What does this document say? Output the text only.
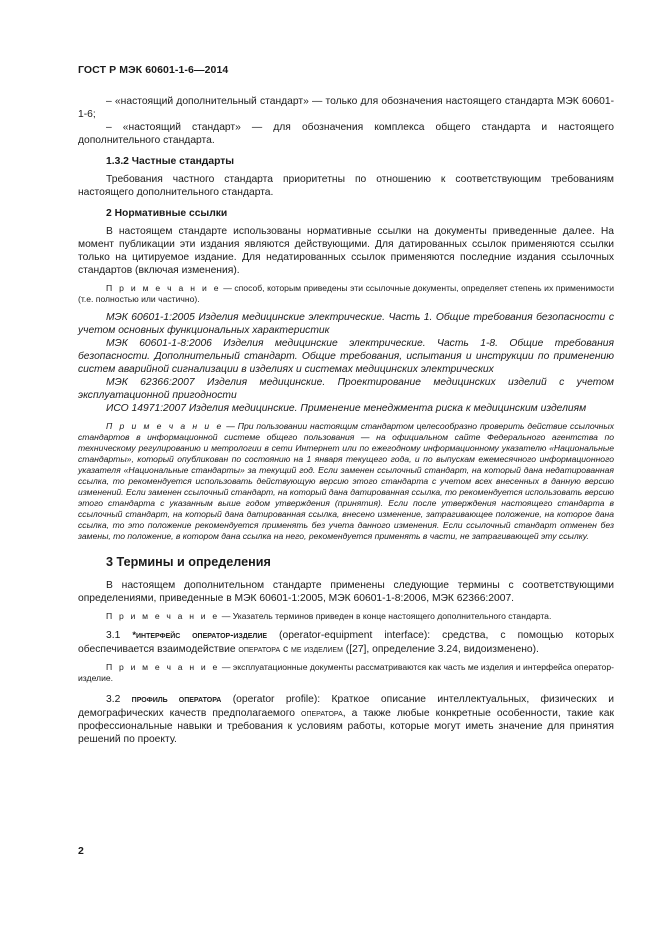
ГОСТ Р МЭК 60601-1-6—2014

– «настоящий дополнительный стандарт» — только для обозначения настоящего стандарта МЭК 60601-1-6;

– «настоящий стандарт» — для обозначения комплекса общего стандарта и настоящего дополнительного стандарта.

1.3.2 Частные стандарты

Требования частного стандарта приоритетны по отношению к соответствующим требованиям настоящего дополнительного стандарта.

2 Нормативные ссылки

В настоящем стандарте использованы нормативные ссылки на документы приведенные далее. На момент публикации эти издания являются действующими. Для датированных ссылок применяются ссылки только на цитируемое издание. Для недатированных ссылок применяются последние издания ссылочных стандартов (включая изменения).

П р и м е ч а н и е — способ, которым приведены эти ссылочные документы, определяет степень их применимости (т.е. полностью или частично).

МЭК 60601-1:2005 Изделия медицинские электрические. Часть 1. Общие требования безопасности с учетом основных функциональных характеристик

МЭК 60601-1-8:2006 Изделия медицинские электрические. Часть 1-8. Общие требования безопасности. Дополнительный стандарт. Общие требования, испытания и инструкции по применению систем аварийной сигнализации в изделиях и системах медицинских электрических

МЭК 62366:2007 Изделия медицинские. Проектирование медицинских изделий с учетом эксплуатационной пригодности

ИСО 14971:2007 Изделия медицинские. Применение менеджмента риска к медицинским изделиям

П р и м е ч а н и е — При пользовании настоящим стандартом целесообразно проверить действие ссылочных стандартов в информационной системе общего пользования — на официальном сайте Федерального агентства по техническому регулированию и метрологии в сети Интернет или по ежегодному информационному указателю «Национальные стандарты», который опубликован по состоянию на 1 января текущего года, и по выпускам ежемесячного информационного указателя «Национальные стандарты» за текущий год. Если заменен ссылочный стандарт, на который дана недатированная ссылка, то рекомендуется использовать действующую версию этого стандарта с учетом всех внесенных в данную версию изменений. Если заменен ссылочный стандарт, на который дана датированная ссылка, то рекомендуется использовать версию этого стандарта с указанным выше годом утверждения (принятия). Если после утверждения настоящего стандарта в ссылочный стандарт, на который дана датированная ссылка, внесено изменение, затрагивающее положение, на которое дана ссылка, то это положение рекомендуется применять без учета данного изменения. Если ссылочный стандарт отменен без замены, то положение, в котором дана ссылка на него, рекомендуется применять в части, не затрагивающей эту ссылку.

3 Термины и определения

В настоящем дополнительном стандарте применены следующие термины с соответствующими определениями, приведенные в МЭК 60601-1:2005, МЭК 60601-1-8:2006, МЭК 62366:2007.

П р и м е ч а н и е — Указатель терминов приведен в конце настоящего дополнительного стандарта.

3.1 *интерфейс оператор-изделие (operator-equipment interface): средства, с помощью которых обеспечивается взаимодействие оператора с ме изделием ([27], определение 3.24, видоизменено).

П р и м е ч а н и е — эксплуатационные документы рассматриваются как часть ме изделия и интерфейса оператор-изделие.

3.2 профиль оператора (operator profile): Краткое описание интеллектуальных, физических и демографических качеств предполагаемого оператора, а также любые конкретные особенности, такие как профессиональные навыки и требования к условиям работы, которые могут иметь значение для принятия решений по проекту.

2
